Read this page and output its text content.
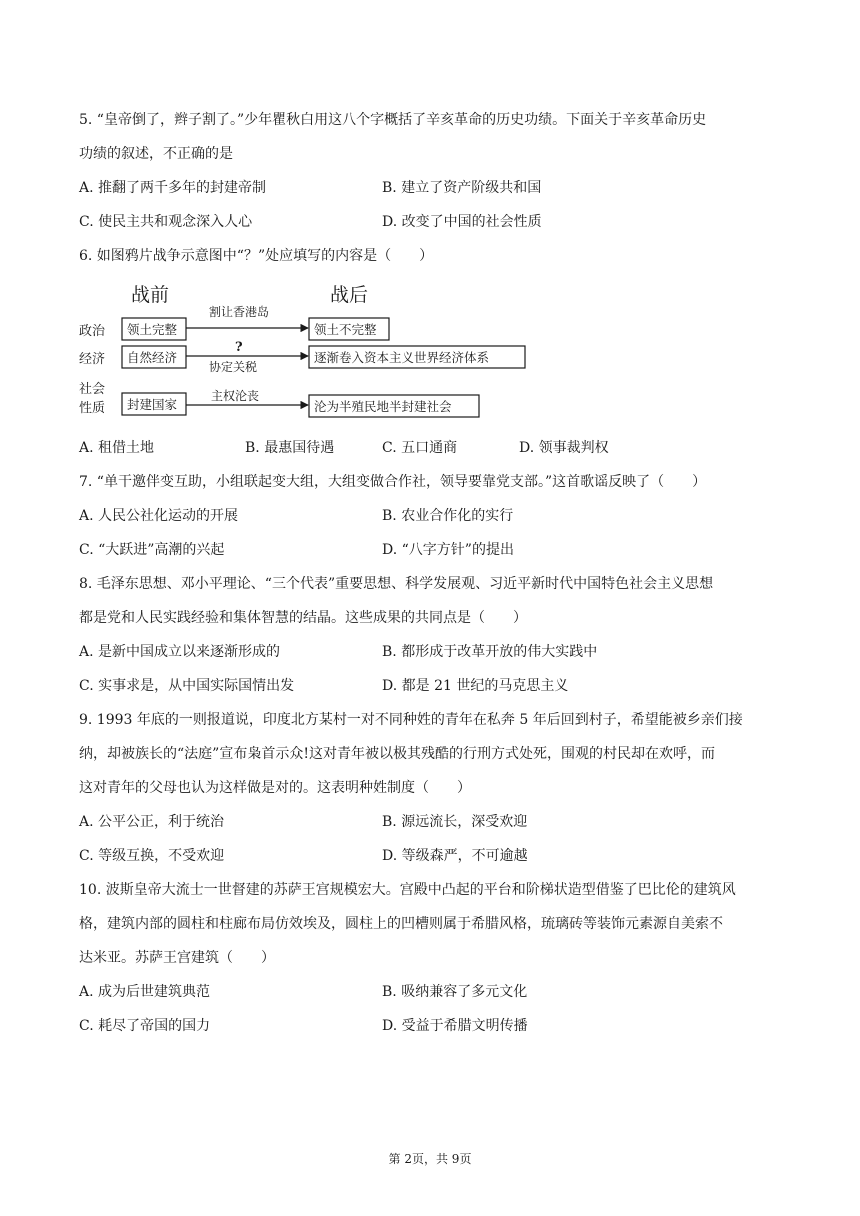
5. “皇帝倒了，辫子割了。”少年瞿秋白用这八个字概括了辛亥革命的历史功绩。下面关于辛亥革命历史
功绩的叙述，不正确的是
A. 推翻了两千多年的封建帝制	B. 建立了资产阶级共和国
C. 使民主共和观念深入人心	D. 改变了中国的社会性质
6. 如图鸦片战争示意图中“？”处应填写的内容是（　　）
战前	战后
政治 领土完整
割让香港岛
领土不完整
经济 自然经济
?
协定关税
逐渐卷入资本主义世界经济体系
社会
性质 封建国家
主权沦丧
沦为半殖民地半封建社会
A. 租借土地	B. 最惠国待遇	C. 五口通商	D. 领事裁判权
7. “单干邀伴变互助，小组联起变大组，大组变做合作社，领导要靠党支部。”这首歌谣反映了（　　）
A. 人民公社化运动的开展	B. 农业合作化的实行
C. “大跃进”高潮的兴起	D. “八字方针”的提出
8. 毛泽东思想、邓小平理论、“三个代表”重要思想、科学发展观、习近平新时代中国特色社会主义思想
都是党和人民实践经验和集体智慧的结晶。这些成果的共同点是（　　）
A. 是新中国成立以来逐渐形成的	B. 都形成于改革开放的伟大实践中
C. 实事求是，从中国实际国情出发	D. 都是 21 世纪的马克思主义
9. 1993 年底的一则报道说，印度北方某村一对不同种姓的青年在私奔 5 年后回到村子，希望能被乡亲们接
纳，却被族长的“法庭”宣布枭首示众!这对青年被以极其残酷的行刑方式处死，围观的村民却在欢呼，而
这对青年的父母也认为这样做是对的。这表明种姓制度（　　）
A. 公平公正，利于统治	B. 源远流长，深受欢迎
C. 等级互换，不受欢迎	D. 等级森严，不可逾越
10. 波斯皇帝大流士一世督建的苏萨王宫规模宏大。宫殿中凸起的平台和阶梯状造型借鉴了巴比伦的建筑风
格，建筑内部的圆柱和柱廊布局仿效埃及，圆柱上的凹槽则属于希腊风格，琉璃砖等装饰元素源自美索不
达米亚。苏萨王宫建筑（　　）
A. 成为后世建筑典范	B. 吸纳兼容了多元文化
C. 耗尽了帝国的国力	D. 受益于希腊文明传播
第 2页，共 9页
